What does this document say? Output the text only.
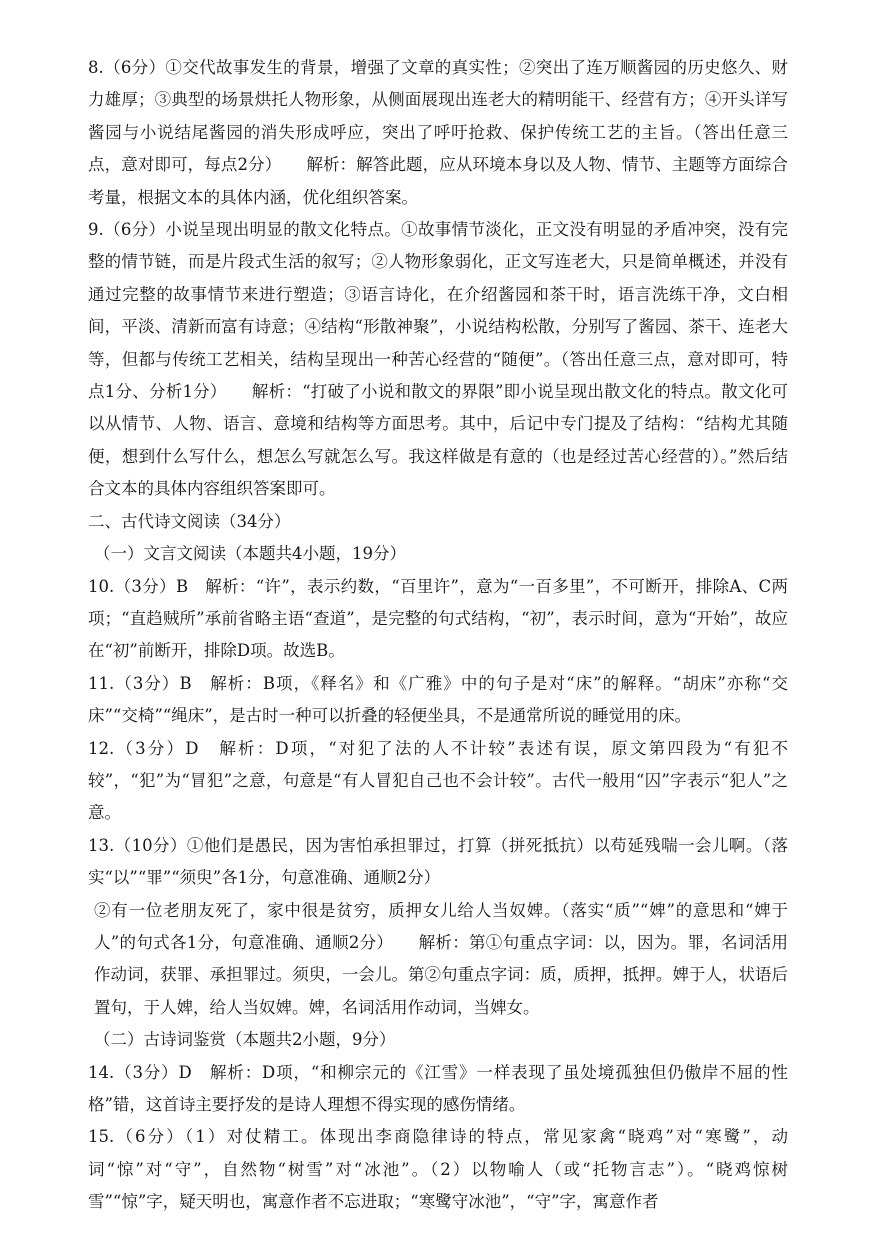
8.（6分）①交代故事发生的背景，增强了文章的真实性；②突出了连万顺酱园的历史悠久、财力雄厚；③典型的场景烘托人物形象，从侧面展现出连老大的精明能干、经营有方；④开头详写酱园与小说结尾酱园的消失形成呼应，突出了呼吁抢救、保护传统工艺的主旨。（答出任意三点，意对即可，每点2分）　　解析：解答此题，应从环境本身以及人物、情节、主题等方面综合考量，根据文本的具体内涵，优化组织答案。

9.（6分）小说呈现出明显的散文化特点。①故事情节淡化，正文没有明显的矛盾冲突，没有完整的情节链，而是片段式生活的叙写；②人物形象弱化，正文写连老大，只是简单概述，并没有通过完整的故事情节来进行塑造；③语言诗化，在介绍酱园和茶干时，语言洗练干净，文白相间，平淡、清新而富有诗意；④结构“形散神聚”，小说结构松散，分别写了酱园、茶干、连老大等，但都与传统工艺相关，结构呈现出一种苦心经营的“随便”。（答出任意三点，意对即可，特点1分、分析1分）　　解析：“打破了小说和散文的界限”即小说呈现出散文化的特点。散文化可以从情节、人物、语言、意境和结构等方面思考。其中，后记中专门提及了结构：“结构尤其随便，想到什么写什么，想怎么写就怎么写。我这样做是有意的（也是经过苦心经营的）。”然后结合文本的具体内容组织答案即可。

二、古代诗文阅读（34分）

（一）文言文阅读（本题共4小题，19分）

10.（3分）B　解析：“许”，表示约数，“百里许”，意为“一百多里”，不可断开，排除A、C两项；“直趋贼所”承前省略主语“查道”，是完整的句式结构，“初”，表示时间，意为“开始”，故应在“初”前断开，排除D项。故选B。

11.（3分）B　解析：B项，《释名》和《广雅》中的句子是对“床”的解释。“胡床”亦称“交床”“交椅”“绳床”，是古时一种可以折叠的轻便坐具，不是通常所说的睡觉用的床。

12.（3分）D　解析：D项，“对犯了法的人不计较”表述有误，原文第四段为“有犯不较”，“犯”为“冒犯”之意，句意是“有人冒犯自己也不会计较”。古代一般用“囚”字表示“犯人”之意。

13.（10分）①他们是愚民，因为害怕承担罪过，打算（拼死抵抗）以苟延残喘一会儿啊。（落实“以”“罪”“须臾”各1分，句意准确、通顺2分）

②有一位老朋友死了，家中很是贫穷，质押女儿给人当奴婢。（落实“质”“婢”的意思和“婢于人”的句式各1分，句意准确、通顺2分）　　解析：第①句重点字词：以，因为。罪，名词活用作动词，获罪、承担罪过。须臾，一会儿。第②句重点字词：质，质押，抵押。婢于人，状语后置句，于人婢，给人当奴婢。婢，名词活用作动词，当婢女。

（二）古诗词鉴赏（本题共2小题，9分）

14.（3分）D　解析：D项，“和柳宗元的《江雪》一样表现了虽处境孤独但仍傲岸不屈的性格”错，这首诗主要抒发的是诗人理想不得实现的感伤情绪。

15.（6分）（1）对仗精工。体现出李商隐律诗的特点，常见家禽“晓鸡”对“寒鹭”，动词“惊”对“守”，自然物“树雪”对“冰池”。（2）以物喻人（或“托物言志”）。“晓鸡惊树雪”“惊”字，疑天明也，寓意作者不忘进取；“寒鹭守冰池”，“守”字，寓意作者
